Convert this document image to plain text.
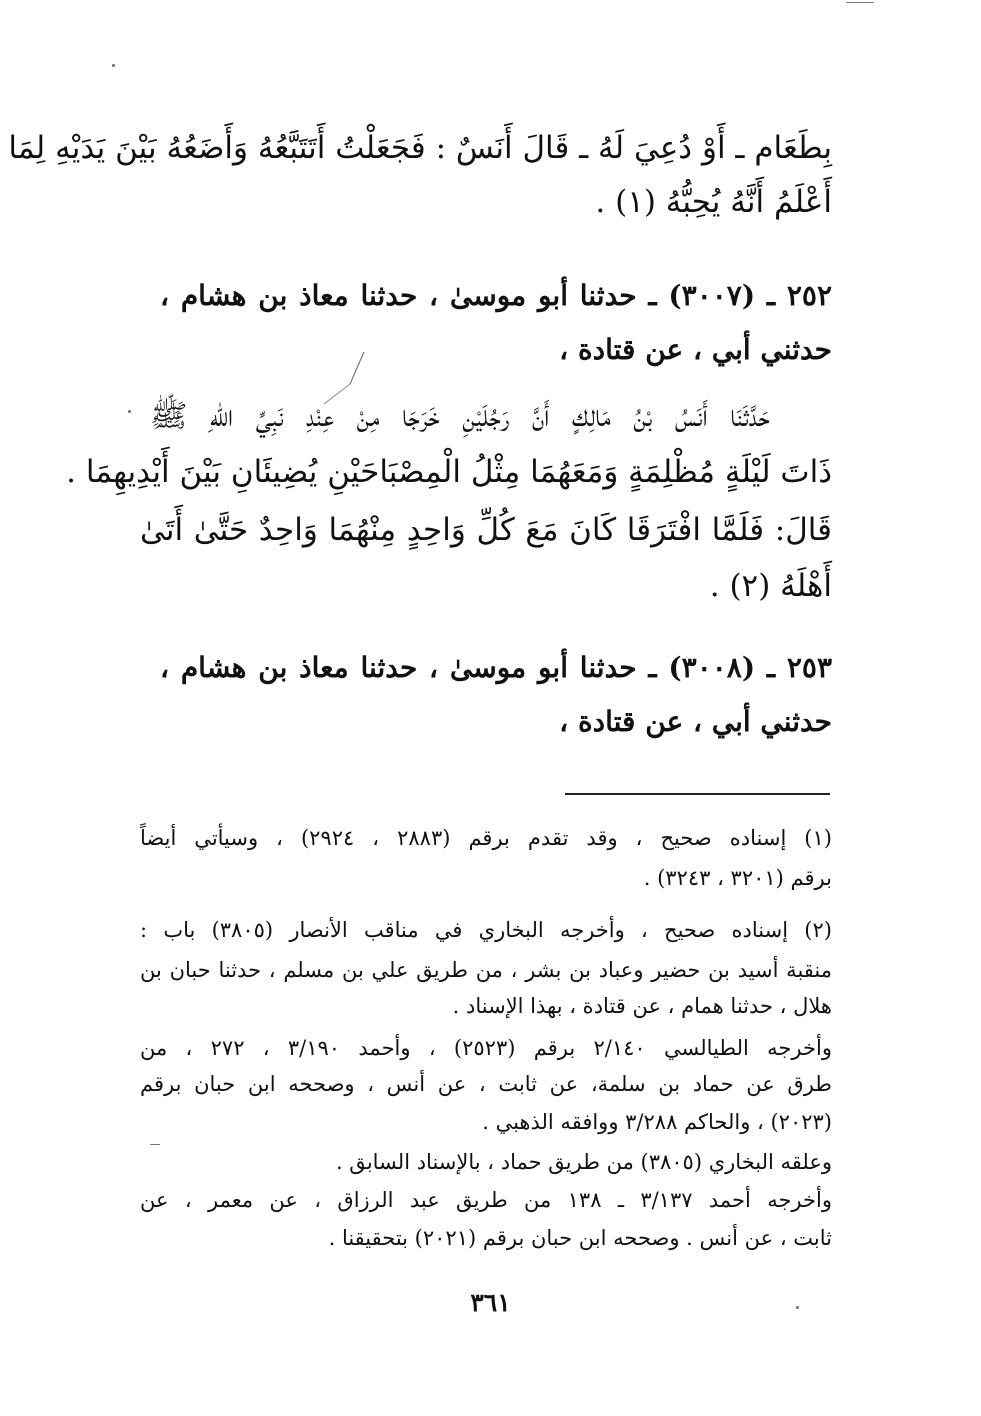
بِطَعَام ـ أَوْ دُعِيَ لَهُ ـ قَالَ أَنَسٌ : فَجَعَلْتُ أَتَتَبَّعُهُ وَأَضَعُهُ بَيْنَ يَدَيْهِ لِمَا
أَعْلَمُ أَنَّهُ يُحِبُّهُ (١) .
٢٥٢ ـ (٣٠٠٧) ـ حدثنا أبو موسىٰ ، حدثنا معاذ بن هشام ،
حدثني أبي ، عن قتادة ،
حَدَّثَنَا أَنَسُ بْنُ مَالِكٍ أَنَّ رَجُلَيْنِ خَرَجَا مِنْ عِنْدِ نَبِيِّ اللهِ ﷺ
ذَاتَ لَيْلَةٍ مُظْلِمَةٍ وَمَعَهُمَا مِثْلُ الْمِصْبَاحَيْنِ يُضِيئَانِ بَيْنَ أَيْدِيهِمَا .
قَالَ: فَلَمَّا افْتَرَقَا كَانَ مَعَ كُلِّ وَاحِدٍ مِنْهُمَا وَاحِدٌ حَتَّىٰ أَتَىٰ
أَهْلَهُ (٢) .
٢٥٣ ـ (٣٠٠٨) ـ حدثنا أبو موسىٰ ، حدثنا معاذ بن هشام ،
حدثني أبي ، عن قتادة ،
(١) إسناده صحيح ، وقد تقدم برقم (٢٨٨٣ ، ٢٩٢٤) ، وسيأتي أيضاً
برقم (٣٢٠١ ، ٣٢٤٣) .
(٢) إسناده صحيح ، وأخرجه البخاري في مناقب الأنصار (٣٨٠٥) باب :
منقبة أسيد بن حضير وعباد بن بشر ، من طريق علي بن مسلم ، حدثنا حبان بن
هلال ، حدثنا همام ، عن قتادة ، بهذا الإسناد .
وأخرجه الطيالسي ٢/١٤٠ برقم (٢٥٢٣) ، وأحمد ٣/١٩٠ ، ٢٧٢ ، من
طرق عن حماد بن سلمة، عن ثابت ، عن أنس ، وصححه ابن حبان برقم
(٢٠٢٣) ، والحاكم ٣/٢٨٨ ووافقه الذهبي .
وعلقه البخاري (٣٨٠٥) من طريق حماد ، بالإسناد السابق .
وأخرجه أحمد ٣/١٣٧ ـ ١٣٨ من طريق عبد الرزاق ، عن معمر ، عن
ثابت ، عن أنس . وصححه ابن حبان برقم (٢٠٢١) بتحقيقنا .
٣٦١
